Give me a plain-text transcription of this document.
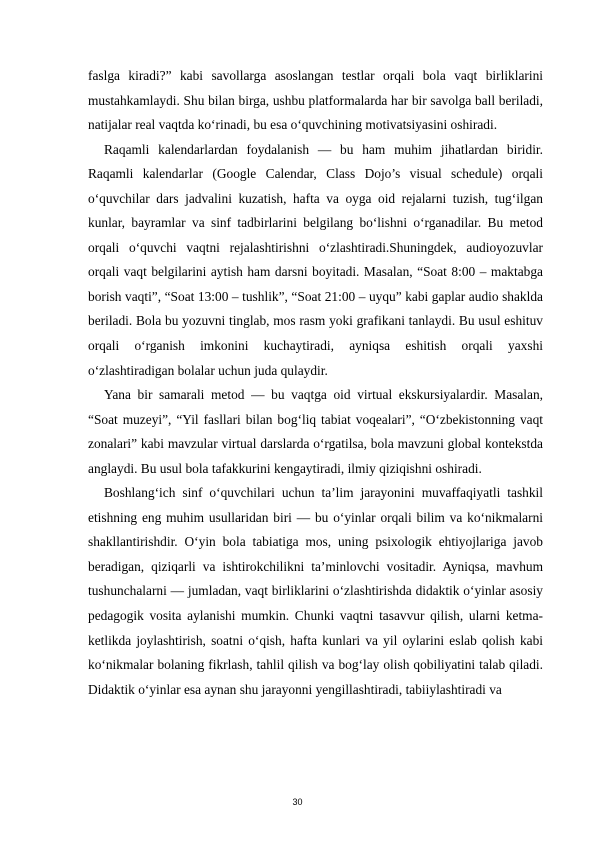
faslga kiradi?” kabi savollarga asoslangan testlar orqali bola vaqt birliklarini mustahkamlaydi. Shu bilan birga, ushbu platformalarda har bir savolga ball beriladi, natijalar real vaqtda ko‘rinadi, bu esa o‘quvchining motivatsiyasini oshiradi.

Raqamli kalendarlardan foydalanish — bu ham muhim jihatlardan biridir. Raqamli kalendarlar (Google Calendar, Class Dojo’s visual schedule) orqali o‘quvchilar dars jadvalini kuzatish, hafta va oyga oid rejalarni tuzish, tug‘ilgan kunlar, bayramlar va sinf tadbirlarini belgilang bo‘lishni o‘rganadilar. Bu metod orqali o‘quvchi vaqtni rejalashtirishni o‘zlashtiradi.Shuningdek, audioyozuvlar orqali vaqt belgilarini aytish ham darsni boyitadi. Masalan, “Soat 8:00 – maktabga borish vaqti”, “Soat 13:00 – tushlik”, “Soat 21:00 – uyqu” kabi gaplar audio shaklda beriladi. Bola bu yozuvni tinglab, mos rasm yoki grafikani tanlaydi. Bu usul eshituv orqali o‘rganish imkonini kuchaytiradi, ayniqsa eshitish orqali yaxshi o‘zlashtiradigan bolalar uchun juda qulaydir.

Yana bir samarali metod — bu vaqtga oid virtual ekskursiyalardir. Masalan, “Soat muzeyi”, “Yil fasllari bilan bog‘liq tabiat voqealari”, “O‘zbekistonning vaqt zonalari” kabi mavzular virtual darslarda o‘rgatilsa, bola mavzuni global kontekstda anglaydi. Bu usul bola tafakkurini kengaytiradi, ilmiy qiziqishni oshiradi.

Boshlang‘ich sinf o‘quvchilari uchun ta’lim jarayonini muvaffaqiyatli tashkil etishning eng muhim usullaridan biri — bu o‘yinlar orqali bilim va ko‘nikmalarni shakllantirishdir. O‘yin bola tabiatiga mos, uning psixologik ehtiyojlariga javob beradigan, qiziqarli va ishtirokchilikni ta’minlovchi vositadir. Ayniqsa, mavhum tushunchalarni — jumladan, vaqt birliklarini o‘zlashtirishda didaktik o‘yinlar asosiy pedagogik vosita aylanishi mumkin. Chunki vaqtni tasavvur qilish, ularni ketma-ketlikda joylashtirish, soatni o‘qish, hafta kunlari va yil oylarini eslab qolish kabi ko‘nikmalar bolaning fikrlash, tahlil qilish va bog‘lay olish qobiliyatini talab qiladi. Didaktik o‘yinlar esa aynan shu jarayonni yengillashtiradi, tabiiylashtiradi va

30
